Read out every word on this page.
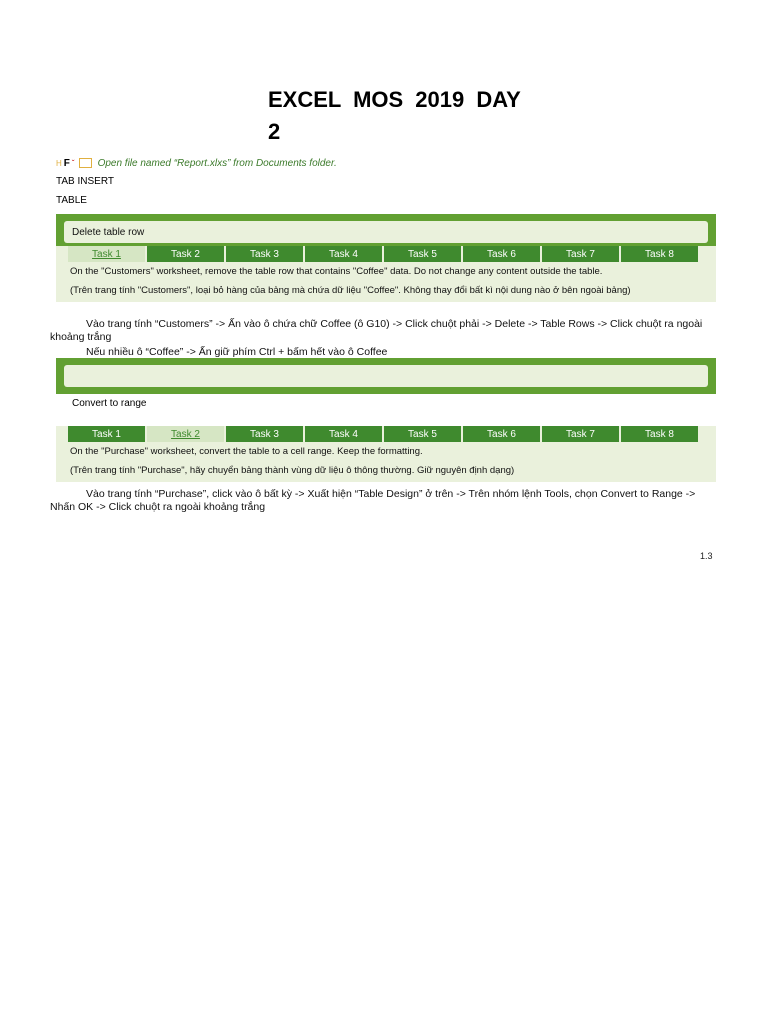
EXCEL MOS 2019 DAY 2
H F ˇ Open file named “Report.xlxs” from Documents folder.
TAB INSERT
TABLE
Delete table row
Task 1	Task 2	Task 3	Task 4	Task 5	Task 6	Task 7	Task 8
On the "Customers" worksheet, remove the table row that contains "Coffee" data. Do not change any content outside the table.
(Trên trang tính "Customers", loại bỏ hàng của bảng mà chứa dữ liệu "Coffee". Không thay đổi bất kì nội dung nào ở bên ngoài bảng)
Vào trang tính “Customers” -> Ấn vào ô chứa chữ Coffee (ô G10) -> Click chuột phải -> Delete -> Table Rows -> Click chuột ra ngoài khoảng trắng
Nếu nhiều ô “Coffee” -> Ấn giữ phím Ctrl + bấm hết vào ô Coffee
Convert to range
Task 1	Task 2	Task 3	Task 4	Task 5	Task 6	Task 7	Task 8
On the "Purchase" worksheet, convert the table to a cell range. Keep the formatting.
(Trên trang tính "Purchase", hãy chuyển bảng thành vùng dữ liệu ô thông thường. Giữ nguyên định dạng)
Vào trang tính “Purchase”, click vào ô bất kỳ -> Xuất hiện “Table Design” ở trên -> Trên nhóm lệnh Tools, chọn Convert to Range -> Nhấn OK -> Click chuột ra ngoài khoảng trắng
1.3
